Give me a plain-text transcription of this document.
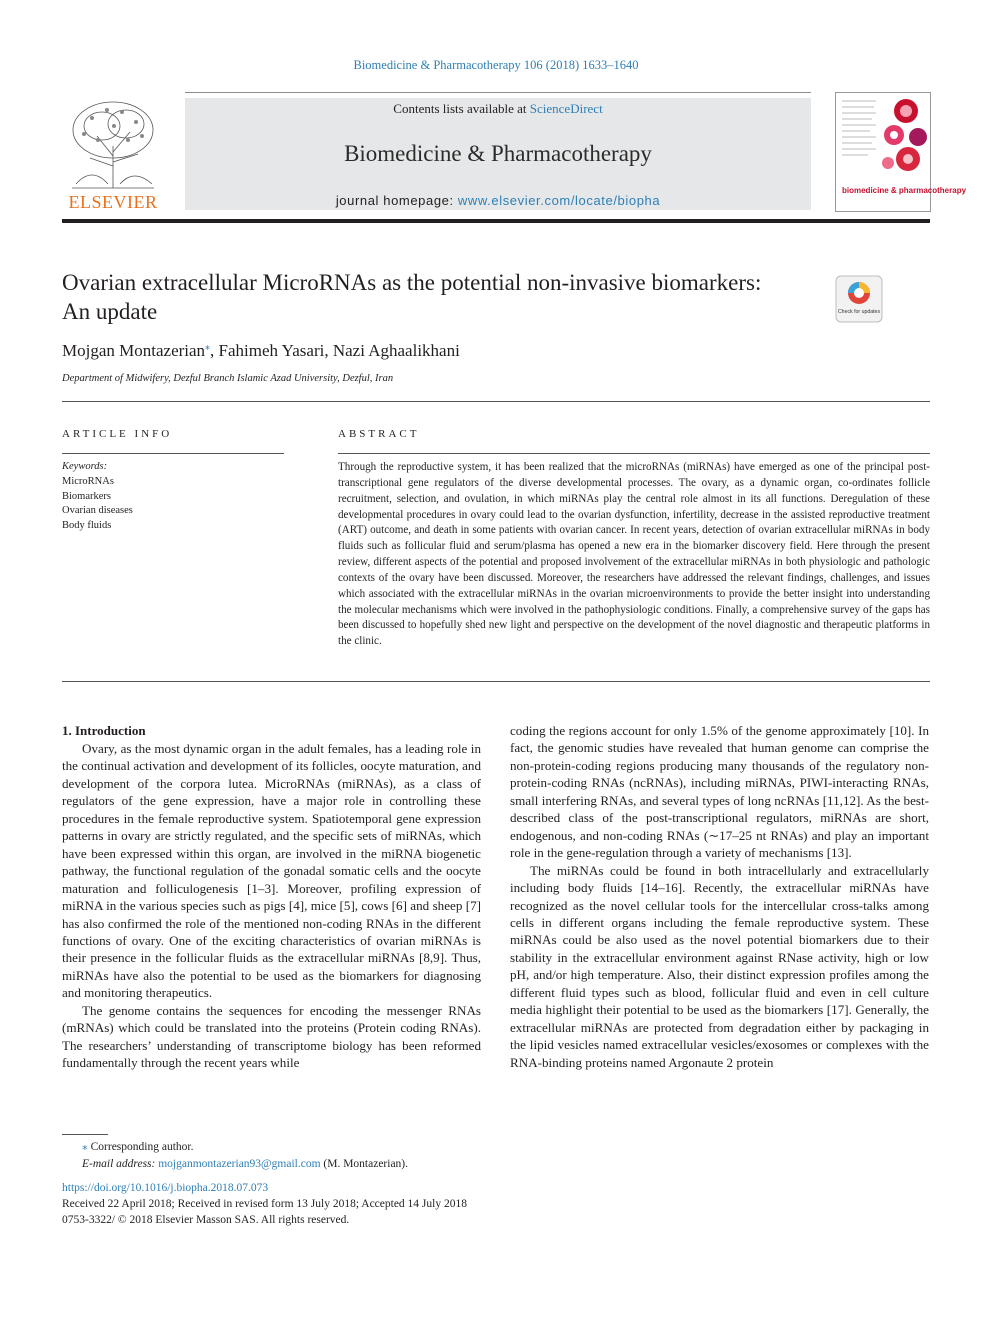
Biomedicine & Pharmacotherapy 106 (2018) 1633–1640
ELSEVIER
Contents lists available at ScienceDirect
Biomedicine & Pharmacotherapy
journal homepage: www.elsevier.com/locate/biopha
biomedicine & pharmacotherapy
Ovarian extracellular MicroRNAs as the potential non-invasive biomarkers:
An update	Check for updates
Mojgan Montazerian⁎, Fahimeh Yasari, Nazi Aghaalikhani
Department of Midwifery, Dezful Branch Islamic Azad University, Dezful, Iran
ARTICLE INFO	ABSTRACT
Keywords:
MicroRNAs
Biomarkers
Ovarian diseases
Body fluids
Through the reproductive system, it has been realized that the microRNAs (miRNAs) have emerged as one of the principal post-transcriptional gene regulators of the diverse developmental processes. The ovary, as a dynamic organ, co-ordinates follicle recruitment, selection, and ovulation, in which miRNAs play the central role almost in its all functions. Deregulation of these developmental procedures in ovary could lead to the ovarian dysfunction, infertility, decrease in the assisted reproductive treatment (ART) outcome, and death in some patients with ovarian cancer. In recent years, detection of ovarian extracellular miRNAs in body fluids such as follicular fluid and serum/plasma has opened a new era in the biomarker discovery field. Here through the present review, different aspects of the potential and proposed involvement of the extracellular miRNAs in both physiologic and pathologic contexts of the ovary have been discussed. Moreover, the researchers have addressed the relevant findings, challenges, and issues which associated with the extracellular miRNAs in the ovarian microenvironments to provide the better insight into understanding the molecular mechanisms which were involved in the pathophysiologic conditions. Finally, a comprehensive survey of the gaps has been discussed to hopefully shed new light and perspective on the development of the novel diagnostic and therapeutic platforms in the clinic.
1. Introduction

Ovary, as the most dynamic organ in the adult females, has a leading role in the continual activation and development of its follicles, oocyte maturation, and development of the corpora lutea. MicroRNAs (miRNAs), as a class of regulators of the gene expression, have a major role in controlling these procedures in the female reproductive system. Spatiotemporal gene expression patterns in ovary are strictly regulated, and the specific sets of miRNAs, which have been expressed within this organ, are involved in the miRNA biogenetic pathway, the functional regulation of the gonadal somatic cells and the oocyte maturation and folliculogenesis [1–3]. Moreover, profiling expression of miRNA in the various species such as pigs [4], mice [5], cows [6] and sheep [7] has also confirmed the role of the mentioned non-coding RNAs in the different functions of ovary. One of the exciting characteristics of ovarian miRNAs is their presence in the follicular fluids as the extracellular miRNAs [8,9]. Thus, miRNAs have also the potential to be used as the biomarkers for diagnosing and monitoring therapeutics.

The genome contains the sequences for encoding the messenger RNAs (mRNAs) which could be translated into the proteins (Protein coding RNAs). The researchers’ understanding of transcriptome biology has been reformed fundamentally through the recent years while

coding the regions account for only 1.5% of the genome approximately [10]. In fact, the genomic studies have revealed that human genome can comprise the non-protein-coding regions producing many thousands of the regulatory non-protein-coding RNAs (ncRNAs), including miRNAs, PIWI-interacting RNAs, small interfering RNAs, and several types of long ncRNAs [11,12]. As the best-described class of the post-transcriptional regulators, miRNAs are short, endogenous, and non-coding RNAs (∼17–25 nt RNAs) and play an important role in the gene-regulation through a variety of mechanisms [13].

The miRNAs could be found in both intracellularly and extracellularly including body fluids [14–16]. Recently, the extracellular miRNAs have recognized as the novel cellular tools for the intercellular cross-talks among cells in different organs including the female reproductive system. These miRNAs could be also used as the novel potential biomarkers due to their stability in the extracellular environment against RNase activity, high or low pH, and/or high temperature. Also, their distinct expression profiles among the different fluid types such as blood, follicular fluid and even in cell culture media highlight their potential to be used as the biomarkers [17]. Generally, the extracellular miRNAs are protected from degradation either by packaging in the lipid vesicles named extracellular vesicles/exosomes or complexes with the RNA-binding proteins named Argonaute 2 protein

⁎ Corresponding author.
E-mail address: mojganmontazerian93@gmail.com (M. Montazerian).
https://doi.org/10.1016/j.biopha.2018.07.073
Received 22 April 2018; Received in revised form 13 July 2018; Accepted 14 July 2018
0753-3322/ © 2018 Elsevier Masson SAS. All rights reserved.
